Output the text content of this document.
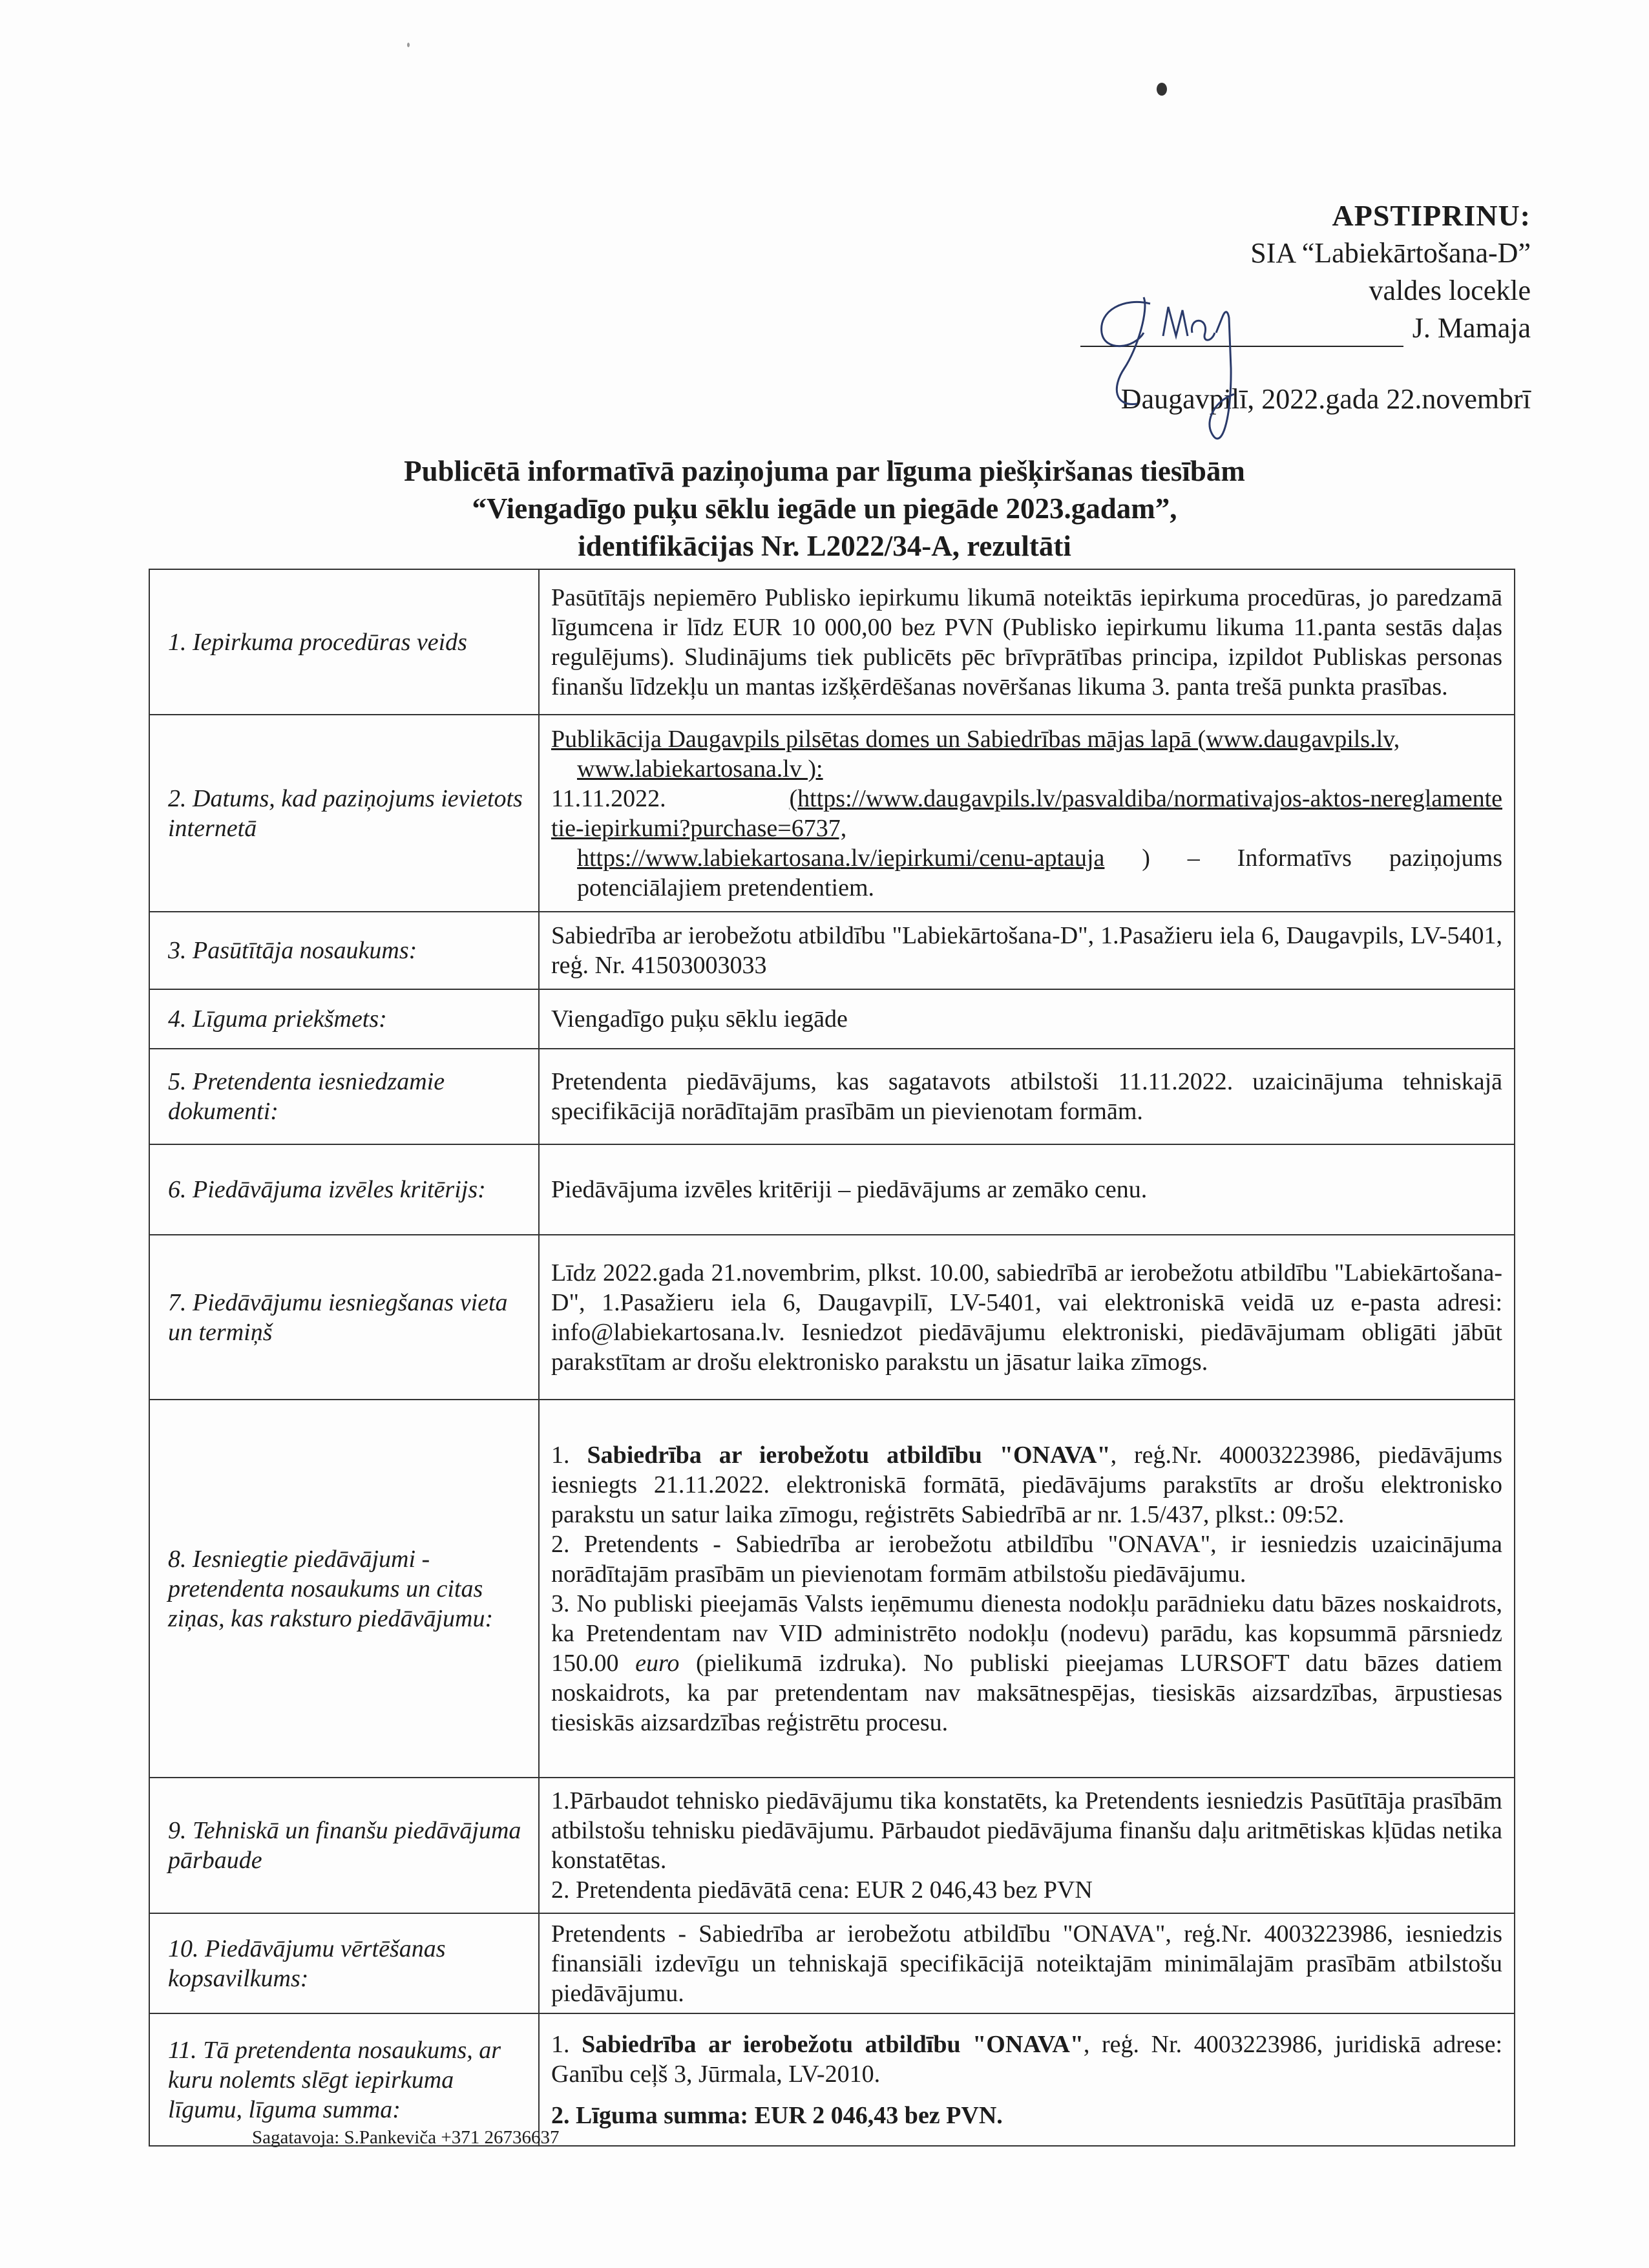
APSTIPRINU:
SIA “Labiekārtošana-D”
valdes locekle
J. Mamaja
Daugavpilī, 2022.gada 22.novembrī
Publicētā informatīvā paziņojuma par līguma piešķiršanas tiesībām
“Viengadīgo puķu sēklu iegāde un piegāde 2023.gadam”,
identifikācijas Nr. L2022/34-A, rezultāti
1. Iepirkuma procedūras veids	Pasūtītājs nepiemēro Publisko iepirkumu likumā noteiktās iepirkuma procedūras, jo paredzamā līgumcena ir līdz EUR 10 000,00 bez PVN (Publisko iepirkumu likuma 11.panta sestās daļas regulējums). Sludinājums tiek publicēts pēc brīvprātības principa, izpildot Publiskas personas finanšu līdzekļu un mantas izšķērdēšanas novēršanas likuma 3. panta trešā punkta prasības.
2. Datums, kad paziņojums ievietots internetā	Publikācija Daugavpils pilsētas domes un Sabiedrības mājas lapā (www.daugavpils.lv,
www.labiekartosana.lv ):
11.11.2022. (https://www.daugavpils.lv/pasvaldiba/normativajos-aktos-nereglamentetie-iepirkumi?purchase=6737,
https://www.labiekartosana.lv/iepirkumi/cenu-aptauja ) – Informatīvs paziņojums potenciālajiem pretendentiem.

3. Pasūtītāja nosaukums:	Sabiedrība ar ierobežotu atbildību "Labiekārtošana-D", 1.Pasažieru iela 6, Daugavpils, LV-5401, reģ. Nr. 41503003033
4. Līguma priekšmets:	Viengadīgo puķu sēklu iegāde
5. Pretendenta iesniedzamie dokumenti:	Pretendenta piedāvājums, kas sagatavots atbilstoši 11.11.2022. uzaicinājuma tehniskajā specifikācijā norādītajām prasībām un pievienotam formām.
6. Piedāvājuma izvēles kritērijs:	Piedāvājuma izvēles kritēriji – piedāvājums ar zemāko cenu.
7. Piedāvājumu iesniegšanas vieta un termiņš	Līdz 2022.gada 21.novembrim, plkst. 10.00, sabiedrībā ar ierobežotu atbildību "Labiekārtošana-D", 1.Pasažieru iela 6, Daugavpilī, LV-5401, vai elektroniskā veidā uz e-pasta adresi: info@labiekartosana.lv. Iesniedzot piedāvājumu elektroniski, piedāvājumam obligāti jābūt parakstītam ar drošu elektronisko parakstu un jāsatur laika zīmogs.
8. Iesniegtie piedāvājumi - pretendenta nosaukums un citas ziņas, kas raksturo piedāvājumu:	1. Sabiedrība ar ierobežotu atbildību "ONAVA", reģ.Nr. 40003223986, piedāvājums iesniegts 21.11.2022. elektroniskā formātā, piedāvājums parakstīts ar drošu elektronisko parakstu un satur laika zīmogu, reģistrēts Sabiedrībā ar nr. 1.5/437, plkst.: 09:52.
2. Pretendents - Sabiedrība ar ierobežotu atbildību "ONAVA", ir iesniedzis uzaicinājuma norādītajām prasībām un pievienotam formām atbilstošu piedāvājumu.
3. No publiski pieejamās Valsts ieņēmumu dienesta nodokļu parādnieku datu bāzes noskaidrots, ka Pretendentam nav VID administrēto nodokļu (nodevu) parādu, kas kopsummā pārsniedz 150.00 euro (pielikumā izdruka). No publiski pieejamas LURSOFT datu bāzes datiem noskaidrots, ka par pretendentam nav maksātnespējas, tiesiskās aizsardzības, ārpustiesas tiesiskās aizsardzības reģistrētu procesu.

9. Tehniskā un finanšu piedāvājuma pārbaude	1.Pārbaudot tehnisko piedāvājumu tika konstatēts, ka Pretendents iesniedzis Pasūtītāja prasībām atbilstošu tehnisku piedāvājumu. Pārbaudot piedāvājuma finanšu daļu aritmētiskas kļūdas netika konstatētas.
2. Pretendenta piedāvātā cena: EUR 2 046,43 bez PVN

10. Piedāvājumu vērtēšanas kopsavilkums:	Pretendents - Sabiedrība ar ierobežotu atbildību "ONAVA", reģ.Nr. 4003223986, iesniedzis finansiāli izdevīgu un tehniskajā specifikācijā noteiktajām minimālajām prasībām atbilstošu piedāvājumu.
11. Tā pretendenta nosaukums, ar kuru nolemts slēgt iepirkuma līgumu, līguma summa:	1. Sabiedrība ar ierobežotu atbildību "ONAVA", reģ. Nr. 4003223986, juridiskā adrese: Ganību ceļš 3, Jūrmala, LV-2010.
2. Līguma summa: EUR 2 046,43 bez PVN.
Sagatavoja: S.Pankeviča +371 26736637
